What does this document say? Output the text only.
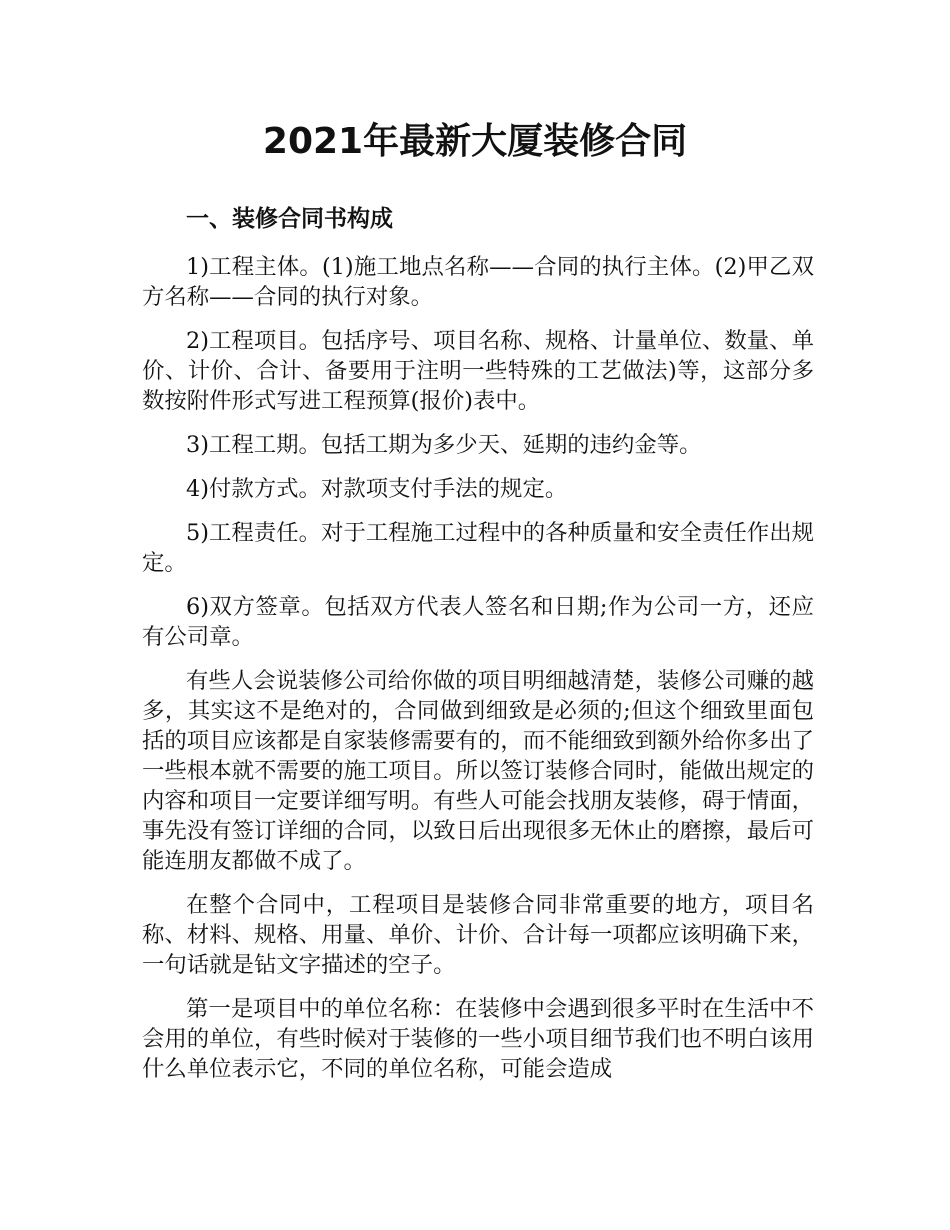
2021年最新大厦装修合同
一、装修合同书构成

1)工程主体。(1)施工地点名称——合同的执行主体。(2)甲乙双方名称——合同的执行对象。

2)工程项目。包括序号、项目名称、规格、计量单位、数量、单价、计价、合计、备要用于注明一些特殊的工艺做法)等，这部分多数按附件形式写进工程预算(报价)表中。

3)工程工期。包括工期为多少天、延期的违约金等。

4)付款方式。对款项支付手法的规定。

5)工程责任。对于工程施工过程中的各种质量和安全责任作出规定。

6)双方签章。包括双方代表人签名和日期;作为公司一方，还应有公司章。

有些人会说装修公司给你做的项目明细越清楚，装修公司赚的越多，其实这不是绝对的，合同做到细致是必须的;但这个细致里面包括的项目应该都是自家装修需要有的，而不能细致到额外给你多出了一些根本就不需要的施工项目。所以签订装修合同时，能做出规定的内容和项目一定要详细写明。有些人可能会找朋友装修，碍于情面，事先没有签订详细的合同，以致日后出现很多无休止的磨擦，最后可能连朋友都做不成了。

在整个合同中，工程项目是装修合同非常重要的地方，项目名称、材料、规格、用量、单价、计价、合计每一项都应该明确下来，一句话就是钻文字描述的空子。

第一是项目中的单位名称：在装修中会遇到很多平时在生活中不会用的单位，有些时候对于装修的一些小项目细节我们也不明白该用什么单位表示它，不同的单位名称，可能会造成
